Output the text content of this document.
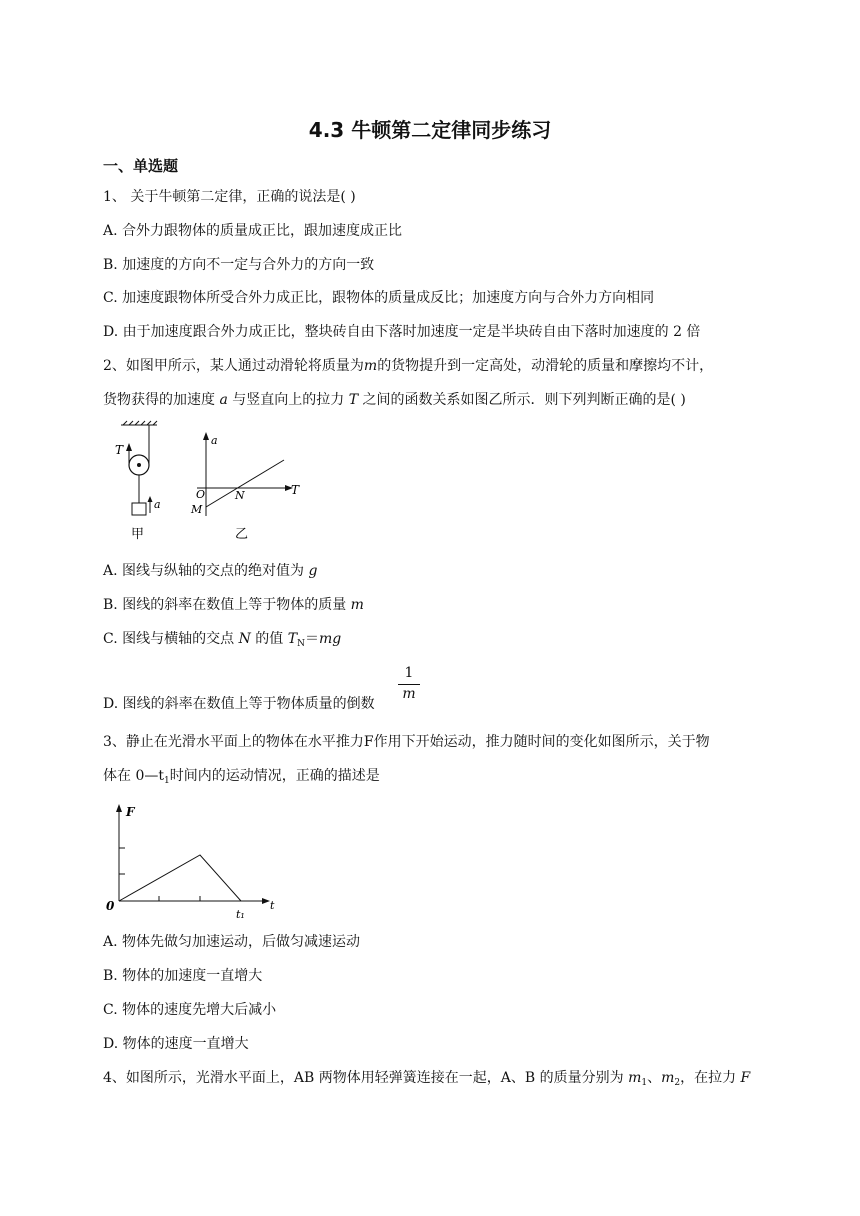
4.3 牛顿第二定律同步练习
一、单选题
1、 关于牛顿第二定律，正确的说法是( )
A. 合外力跟物体的质量成正比，跟加速度成正比
B. 加速度的方向不一定与合外力的方向一致
C. 加速度跟物体所受合外力成正比，跟物体的质量成反比；加速度方向与合外力方向相同
D. 由于加速度跟合外力成正比，整块砖自由下落时加速度一定是半块砖自由下落时加速度的 2 倍
2、如图甲所示，某人通过动滑轮将质量为m的货物提升到一定高处，动滑轮的质量和摩擦均不计，
货物获得的加速度 a 与竖直向上的拉力 T 之间的函数关系如图乙所示．则下列判断正确的是( )
T
a
甲
a
T
O	N
M
乙
A. 图线与纵轴的交点的绝对值为 g
B. 图线的斜率在数值上等于物体的质量 m
C. 图线与横轴的交点 N 的值 $T_N=mg$
D. 图线的斜率在数值上等于物体质量的倒数
1
m
3、静止在光滑水平面上的物体在水平推力F作用下开始运动，推力随时间的变化如图所示，关于物
体在 $0—t_1$时间内的运动情况，正确的描述是
F
t
0
t₁
A. 物体先做匀加速运动，后做匀减速运动
B. 物体的加速度一直增大
C. 物体的速度先增大后减小
D. 物体的速度一直增大
4、如图所示，光滑水平面上，AB 两物体用轻弹簧连接在一起，A、B 的质量分别为 $m_1$、$m_2$，在拉力 F
